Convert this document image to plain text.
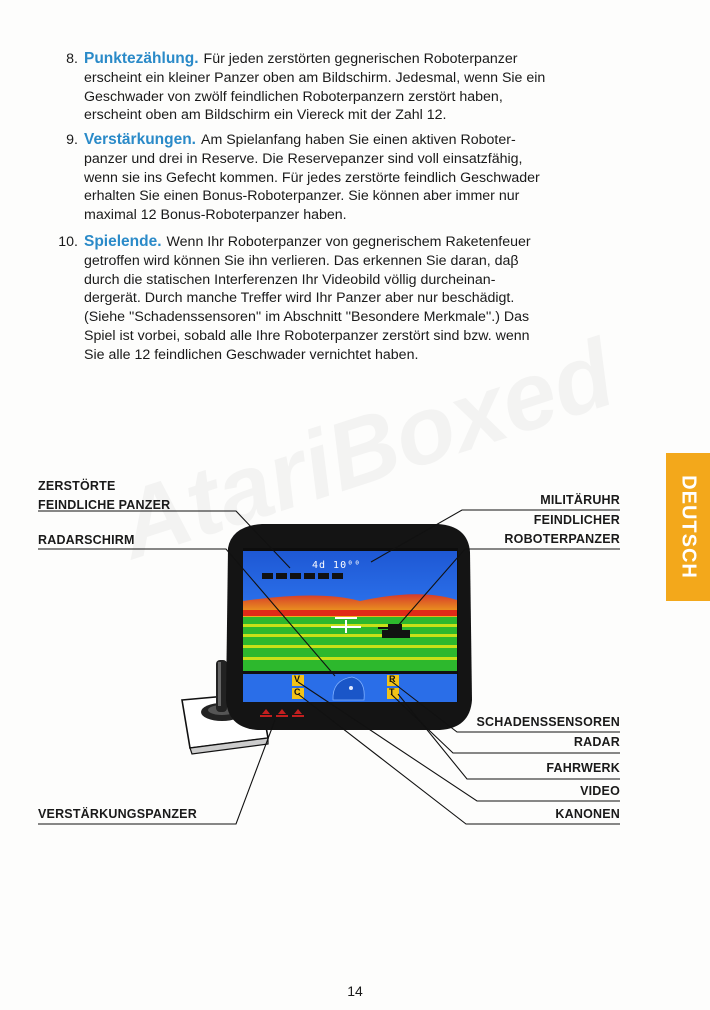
8. Punktezählung. Für jeden zerstörten gegnerischen Roboterpanzer
erscheint ein kleiner Panzer oben am Bildschirm. Jedesmal, wenn Sie ein
Geschwader von zwölf feindlichen Roboterpanzern zerstört haben,
erscheint oben am Bildschirm ein Viereck mit der Zahl 12.
9. Verstärkungen. Am Spielanfang haben Sie einen aktiven Roboter-
panzer und drei in Reserve. Die Reservepanzer sind voll einsatzfähig,
wenn sie ins Gefecht kommen. Für jedes zerstörte feindlich Geschwader
erhalten Sie einen Bonus-Roboterpanzer. Sie können aber immer nur
maximal 12 Bonus-Roboterpanzer haben.
10. Spielende. Wenn Ihr Roboterpanzer von gegnerischem Raketenfeuer
getroffen wird können Sie ihn verlieren. Das erkennen Sie daran, daβ
durch die statischen Interferenzen Ihr Videobild völlig durcheinan-
dergerät. Durch manche Treffer wird Ihr Panzer aber nur beschädigt.
(Siehe ''Schadenssensoren'' im Abschnitt ''Besondere Merkmale''.) Das
Spiel ist vorbei, sobald alle Ihre Roboterpanzer zerstört sind bzw. wenn
Sie alle 12 feindlichen Geschwader vernichtet haben.
DEUTSCH
4d 10⁰⁰
V
C
R
T
ZERSTÖRTE
FEINDLICHE PANZER
RADARSCHIRM
MILITÄRUHR
FEINDLICHER
ROBOTERPANZER
SCHADENSSENSOREN
RADAR
FAHRWERK
VIDEO
KANONEN
VERSTÄRKUNGSPANZER
14
